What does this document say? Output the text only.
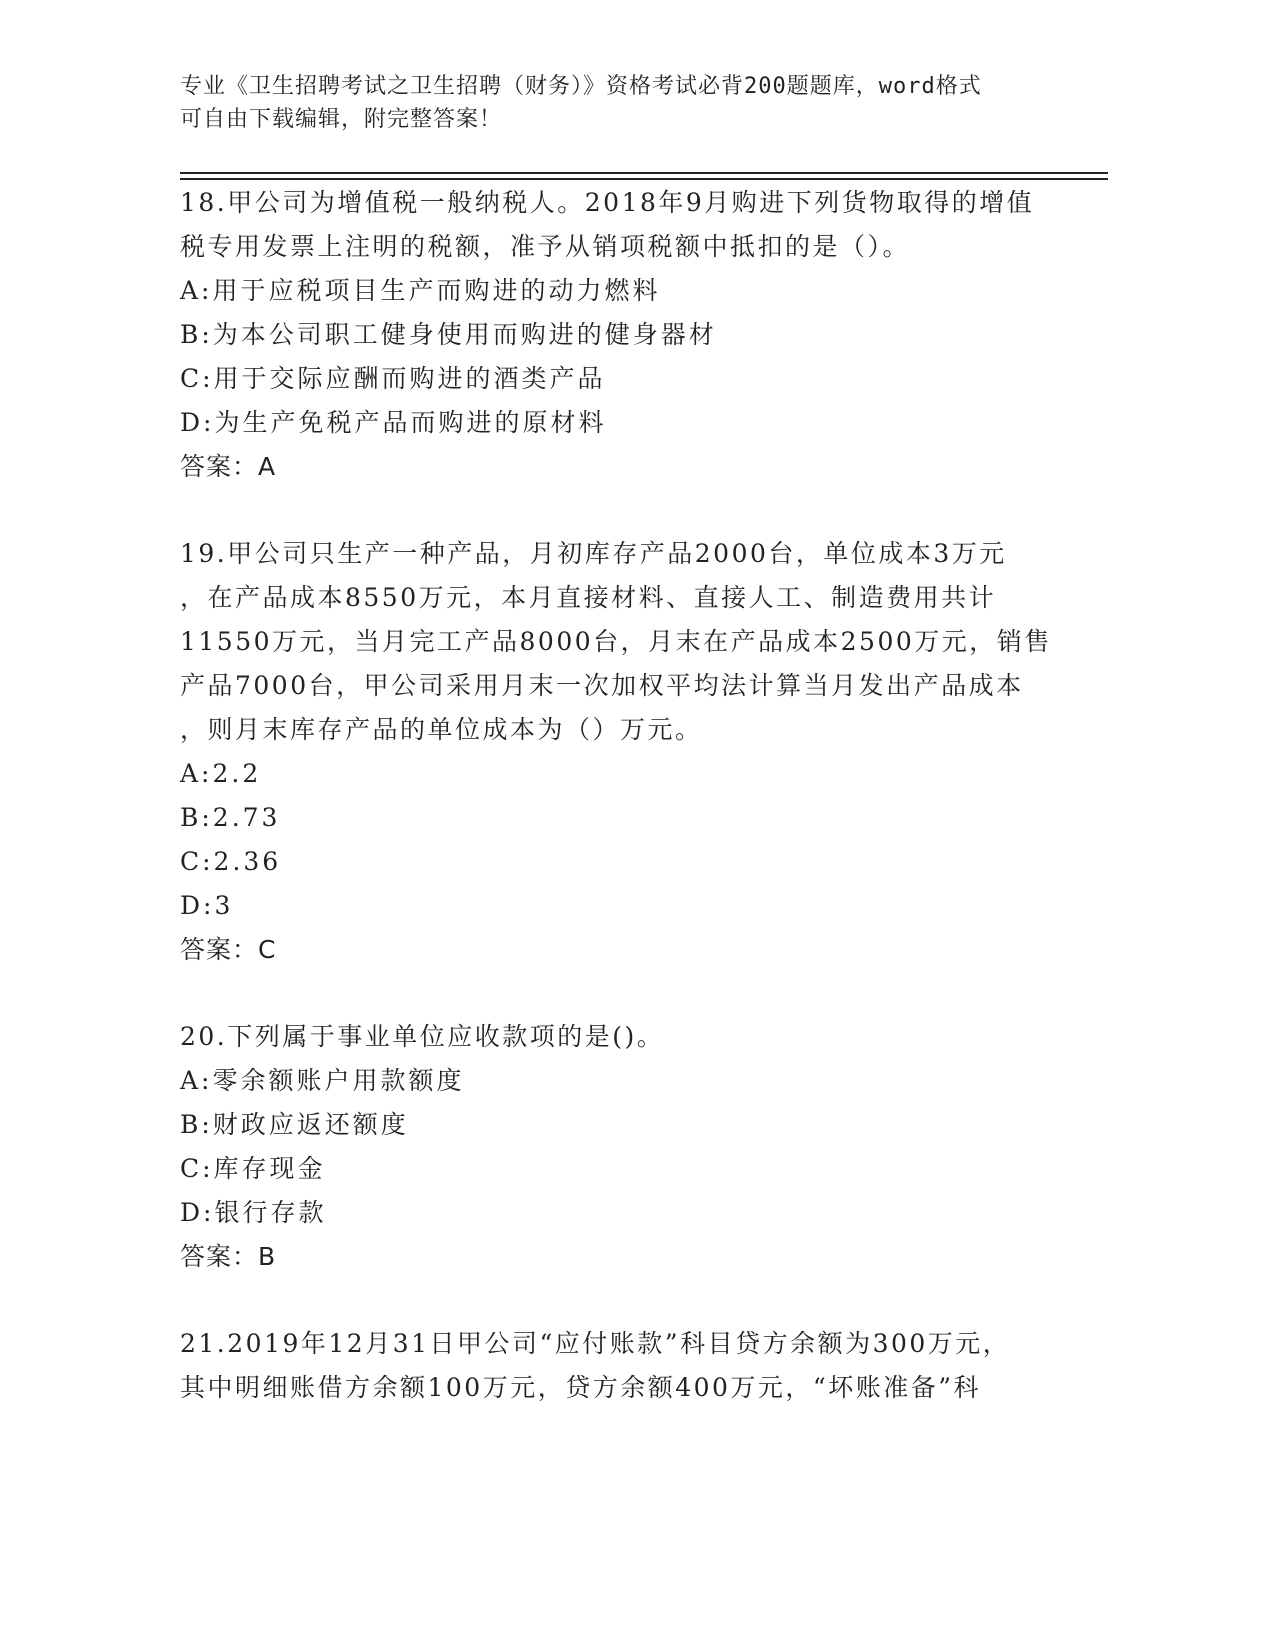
专业《卫生招聘考试之卫生招聘（财务）》资格考试必背200题题库，word格式
可自由下载编辑，附完整答案！
18.甲公司为增值税一般纳税人。2018年9月购进下列货物取得的增值
税专用发票上注明的税额，准予从销项税额中抵扣的是（）。
A:用于应税项目生产而购进的动力燃料
B:为本公司职工健身使用而购进的健身器材
C:用于交际应酬而购进的酒类产品
D:为生产免税产品而购进的原材料
答案：A
19.甲公司只生产一种产品，月初库存产品2000台，单位成本3万元
，在产品成本8550万元，本月直接材料、直接人工、制造费用共计
11550万元，当月完工产品8000台，月末在产品成本2500万元，销售
产品7000台，甲公司采用月末一次加权平均法计算当月发出产品成本
，则月末库存产品的单位成本为（）万元。
A:2.2
B:2.73
C:2.36
D:3
答案：C
20.下列属于事业单位应收款项的是()。
A:零余额账户用款额度
B:财政应返还额度
C:库存现金
D:银行存款
答案：B
21.2019年12月31日甲公司“应付账款”科目贷方余额为300万元，
其中明细账借方余额100万元，贷方余额400万元，“坏账准备”科
